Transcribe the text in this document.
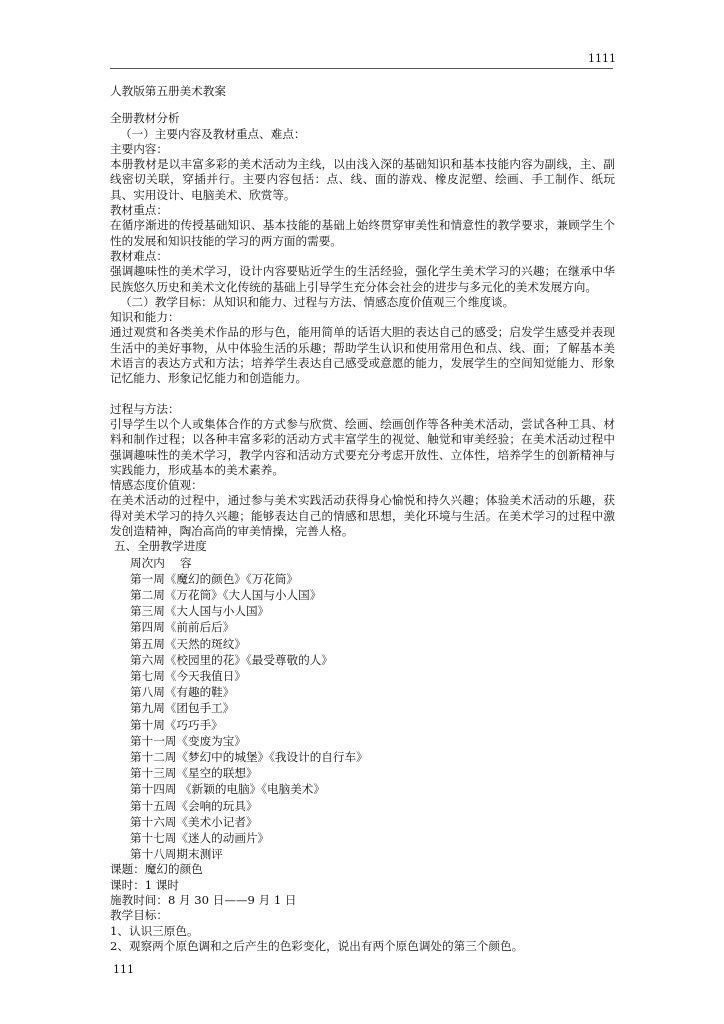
1111
人教版第五册美术教案
全册教材分析
（一）主要内容及教材重点、难点：
主要内容：
本册教材是以丰富多彩的美术活动为主线，以由浅入深的基础知识和基本技能内容为副线，主、副线密切关联，穿插并行。主要内容包括：点、线、面的游戏、橡皮泥塑、绘画、手工制作、纸玩具、实用设计、电脑美术、欣赏等。
教材重点：
在循序渐进的传授基础知识、基本技能的基础上始终贯穿审美性和情意性的教学要求，兼顾学生个性的发展和知识技能的学习的两方面的需要。
教材难点：
强调趣味性的美术学习，设计内容要贴近学生的生活经验，强化学生美术学习的兴趣；在继承中华民族悠久历史和美术文化传统的基础上引导学生充分体会社会的进步与多元化的美术发展方向。
（二）教学目标：从知识和能力、过程与方法、情感态度价值观三个维度谈。
知识和能力：
通过观赏和各类美术作品的形与色，能用简单的话语大胆的表达自己的感受；启发学生感受并表现生活中的美好事物，从中体验生活的乐趣；帮助学生认识和使用常用色和点、线、面；了解基本美术语言的表达方式和方法；培养学生表达自己感受或意愿的能力，发展学生的空间知觉能力、形象记忆能力、形象记忆能力和创造能力。
过程与方法：
引导学生以个人或集体合作的方式参与欣赏、绘画、绘画创作等各种美术活动，尝试各种工具、材料和制作过程；以各种丰富多彩的活动方式丰富学生的视觉、触觉和审美经验；在美术活动过程中强调趣味性的美术学习，教学内容和活动方式要充分考虑开放性、立体性，培养学生的创新精神与实践能力，形成基本的美术素养。
情感态度价值观：
在美术活动的过程中，通过参与美术实践活动获得身心愉悦和持久兴趣；体验美术活动的乐趣，获得对美术学习的持久兴趣；能够表达自己的情感和思想，美化环境与生活。在美术学习的过程中激发创造精神，陶冶高尚的审美情操，完善人格。
五、全册教学进度
周次内　 容
第一周《魔幻的颜色》《万花筒》
第二周《万花筒》《大人国与小人国》
第三周《大人国与小人国》
第四周《前前后后》
第五周《天然的斑纹》
第六周《校园里的花》《最受尊敬的人》
第七周《今天我值日》
第八周《有趣的鞋》
第九周《团包手工》
第十周《巧巧手》
第十一周《变废为宝》
第十二周《梦幻中的城堡》《我设计的自行车》
第十三周《星空的联想》
第十四周 《新颖的电脑》《电脑美术》
第十五周《会响的玩具》
第十六周《美术小记者》
第十七周《迷人的动画片》
第十八周期末测评
课题：魔幻的颜色
课时：1 课时
施教时间：8 月 30 日——9 月 1 日
教学目标：
1、认识三原色。
2、观察两个原色调和之后产生的色彩变化，说出有两个原色调处的第三个颜色。
111
